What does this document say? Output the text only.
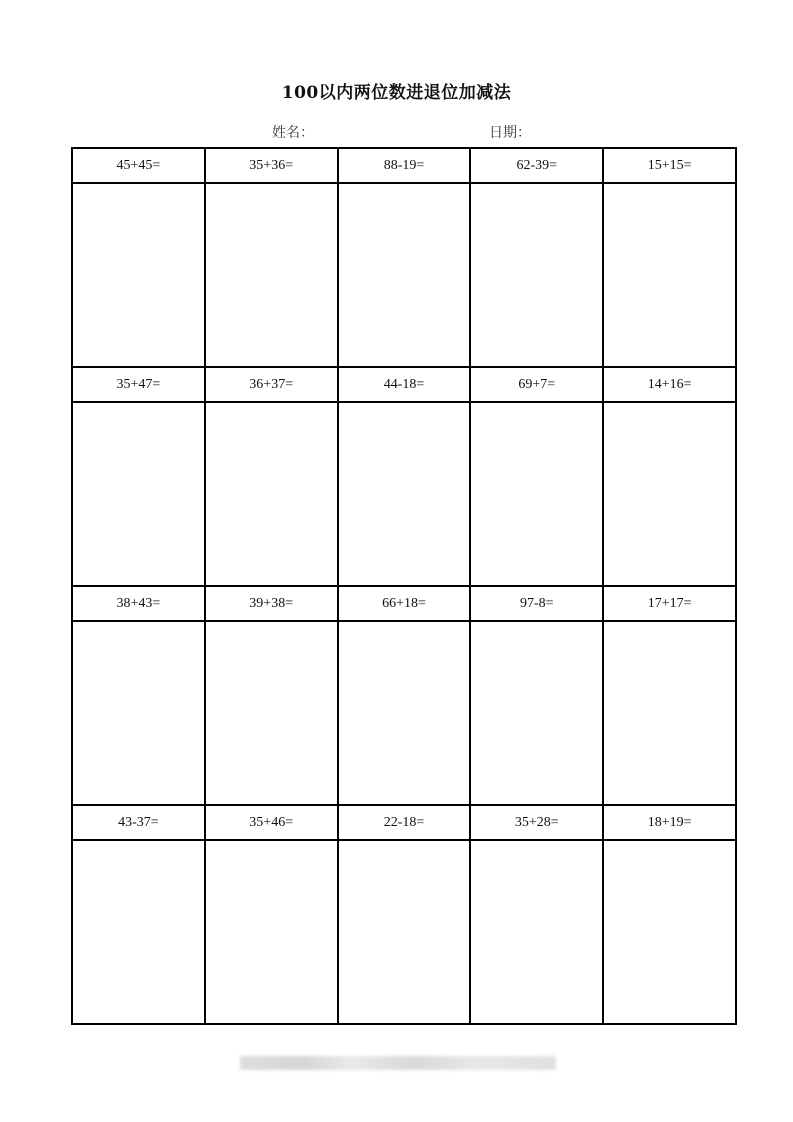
100以内两位数进退位加减法
姓名：	日期：
45+45=	35+36=	88-19=	62-39=	15+15=

35+47=	36+37=	44-18=	69+7=	14+16=

38+43=	39+38=	66+18=	97-8=	17+17=

43-37=	35+46=	22-18=	35+28=	18+19=
